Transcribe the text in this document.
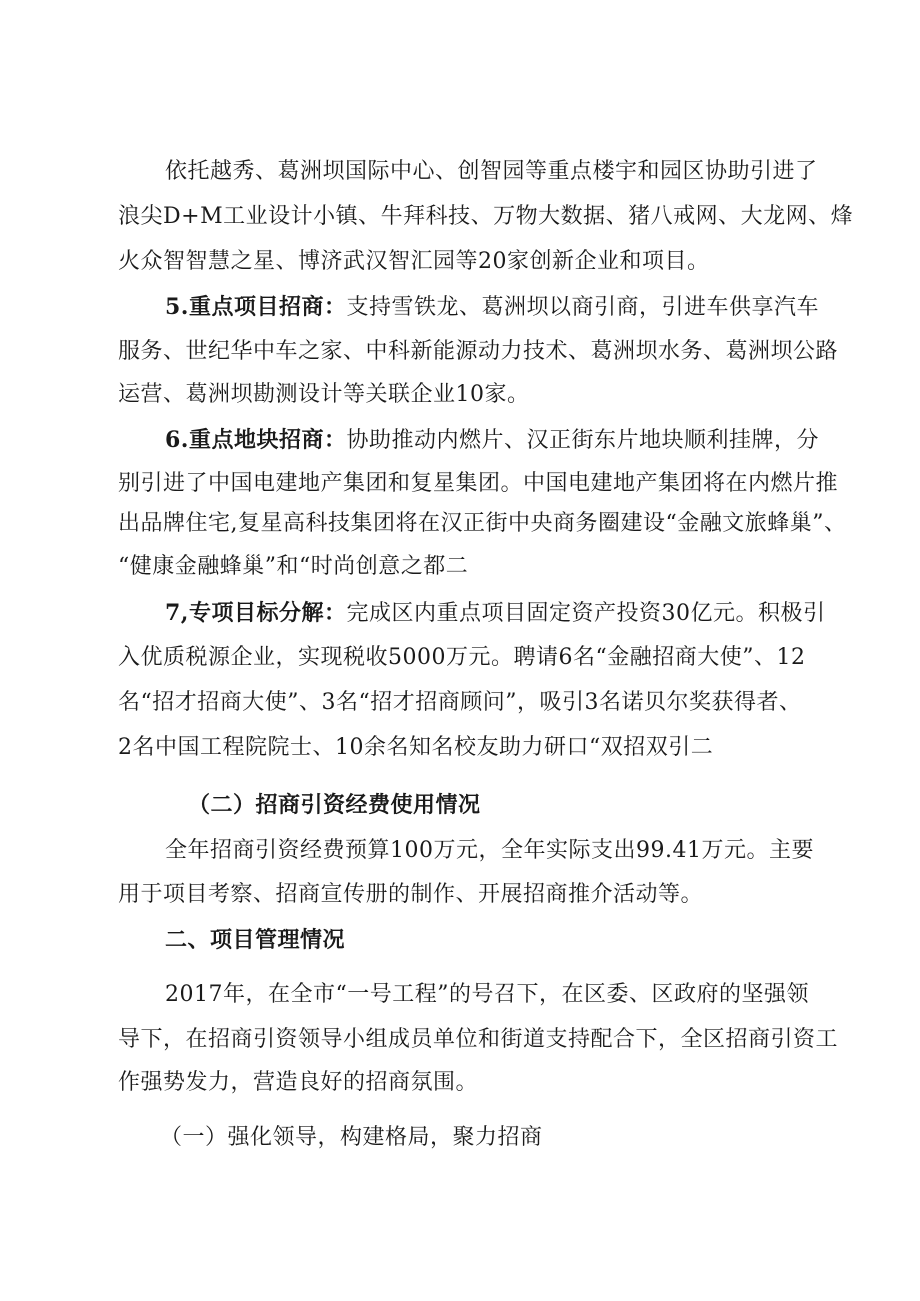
依托越秀、葛洲坝国际中心、创智园等重点楼宇和园区协助引进了
浪尖D+M工业设计小镇、牛拜科技、万物大数据、猪八戒网、大龙网、烽
火众智智慧之星、博济武汉智汇园等20家创新企业和项目。
5.重点项目招商：支持雪铁龙、葛洲坝以商引商，引进车供享汽车
服务、世纪华中车之家、中科新能源动力技术、葛洲坝水务、葛洲坝公路
运营、葛洲坝勘测设计等关联企业10家。
6.重点地块招商：协助推动内燃片、汉正街东片地块顺利挂牌，分
别引进了中国电建地产集团和复星集团。中国电建地产集团将在内燃片推
出品牌住宅,复星高科技集团将在汉正街中央商务圈建设“金融文旅蜂巢”、
“健康金融蜂巢”和“时尚创意之都二
7,专项目标分解：完成区内重点项目固定资产投资30亿元。积极引
入优质税源企业，实现税收5000万元。聘请6名“金融招商大使”、12
名“招才招商大使”、3名“招才招商顾问”，吸引3名诺贝尔奖获得者、
2名中国工程院院士、10余名知名校友助力研口“双招双引二
（二）招商引资经费使用情况
全年招商引资经费预算100万元，全年实际支出99.41万元。主要
用于项目考察、招商宣传册的制作、开展招商推介活动等。
二、项目管理情况
2017年，在全市“一号工程”的号召下，在区委、区政府的坚强领
导下，在招商引资领导小组成员单位和街道支持配合下，全区招商引资工
作强势发力，营造良好的招商氛围。
（一）强化领导，构建格局，聚力招商
